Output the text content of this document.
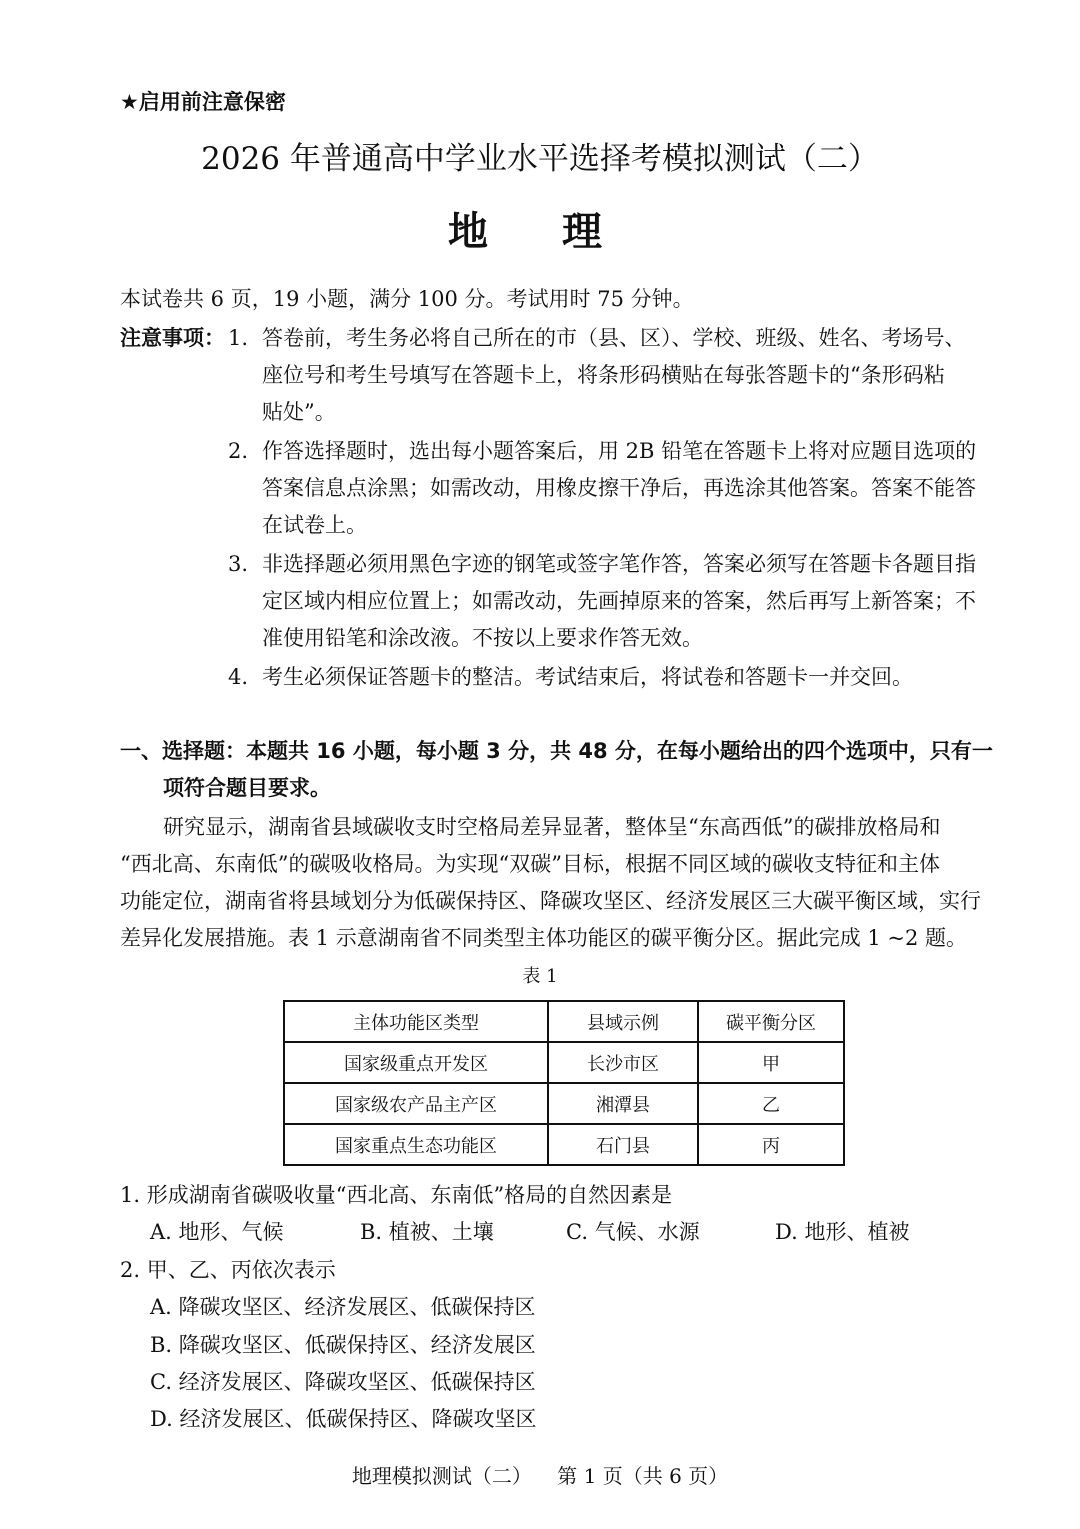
★启用前注意保密
2026 年普通高中学业水平选择考模拟测试（二）
地 理
本试卷共 6 页，19 小题，满分 100 分。考试用时 75 分钟。
注意事项： 1. 答卷前，考生务必将自己所在的市（县、区）、学校、班级、姓名、考场号、
座位号和考生号填写在答题卡上，将条形码横贴在每张答题卡的“条形码粘
贴处”。
2. 作答选择题时，选出每小题答案后，用 2B 铅笔在答题卡上将对应题目选项的
答案信息点涂黑；如需改动，用橡皮擦干净后，再选涂其他答案。答案不能答
在试卷上。
3. 非选择题必须用黑色字迹的钢笔或签字笔作答，答案必须写在答题卡各题目指
定区域内相应位置上；如需改动，先画掉原来的答案，然后再写上新答案；不
准使用铅笔和涂改液。不按以上要求作答无效。
4. 考生必须保证答题卡的整洁。考试结束后，将试卷和答题卡一并交回。
一、选择题：本题共 16 小题，每小题 3 分，共 48 分，在每小题给出的四个选项中，只有一
项符合题目要求。
研究显示，湖南省县域碳收支时空格局差异显著，整体呈“东高西低”的碳排放格局和
“西北高、东南低”的碳吸收格局。为实现“双碳”目标，根据不同区域的碳收支特征和主体
功能定位，湖南省将县域划分为低碳保持区、降碳攻坚区、经济发展区三大碳平衡区域，实行
差异化发展措施。表 1 示意湖南省不同类型主体功能区的碳平衡分区。据此完成 1 ~2 题。
表 1
主体功能区类型	县域示例	碳平衡分区
国家级重点开发区	长沙市区	甲
国家级农产品主产区	湘潭县	乙
国家重点生态功能区	石门县	丙
1. 形成湖南省碳吸收量“西北高、东南低”格局的自然因素是
A. 地形、气候	B. 植被、土壤	C. 气候、水源	D. 地形、植被
2. 甲、乙、丙依次表示
A. 降碳攻坚区、经济发展区、低碳保持区
B. 降碳攻坚区、低碳保持区、经济发展区
C. 经济发展区、降碳攻坚区、低碳保持区
D. 经济发展区、低碳保持区、降碳攻坚区
地理模拟测试（二）    第 1 页（共 6 页）
